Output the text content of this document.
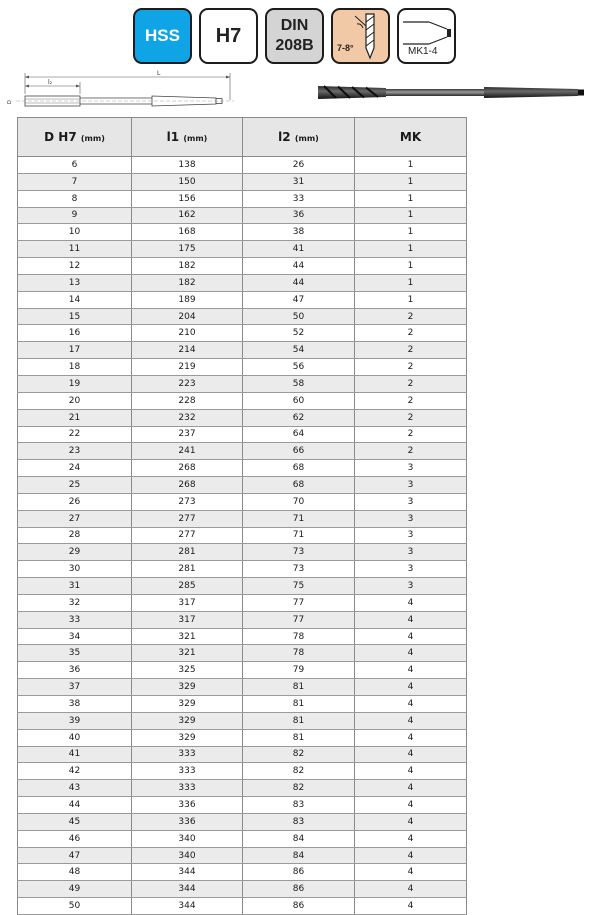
HSS H7 DIN
208B	7-8°	MK1-4
L
l₂
D
D H7 (mm)	l1 (mm)	l2 (mm)	MK
6	138	26	1
7	150	31	1
8	156	33	1
9	162	36	1
10	168	38	1
11	175	41	1
12	182	44	1
13	182	44	1
14	189	47	1
15	204	50	2
16	210	52	2
17	214	54	2
18	219	56	2
19	223	58	2
20	228	60	2
21	232	62	2
22	237	64	2
23	241	66	2
24	268	68	3
25	268	68	3
26	273	70	3
27	277	71	3
28	277	71	3
29	281	73	3
30	281	73	3
31	285	75	3
32	317	77	4
33	317	77	4
34	321	78	4
35	321	78	4
36	325	79	4
37	329	81	4
38	329	81	4
39	329	81	4
40	329	81	4
41	333	82	4
42	333	82	4
43	333	82	4
44	336	83	4
45	336	83	4
46	340	84	4
47	340	84	4
48	344	86	4
49	344	86	4
50	344	86	4
